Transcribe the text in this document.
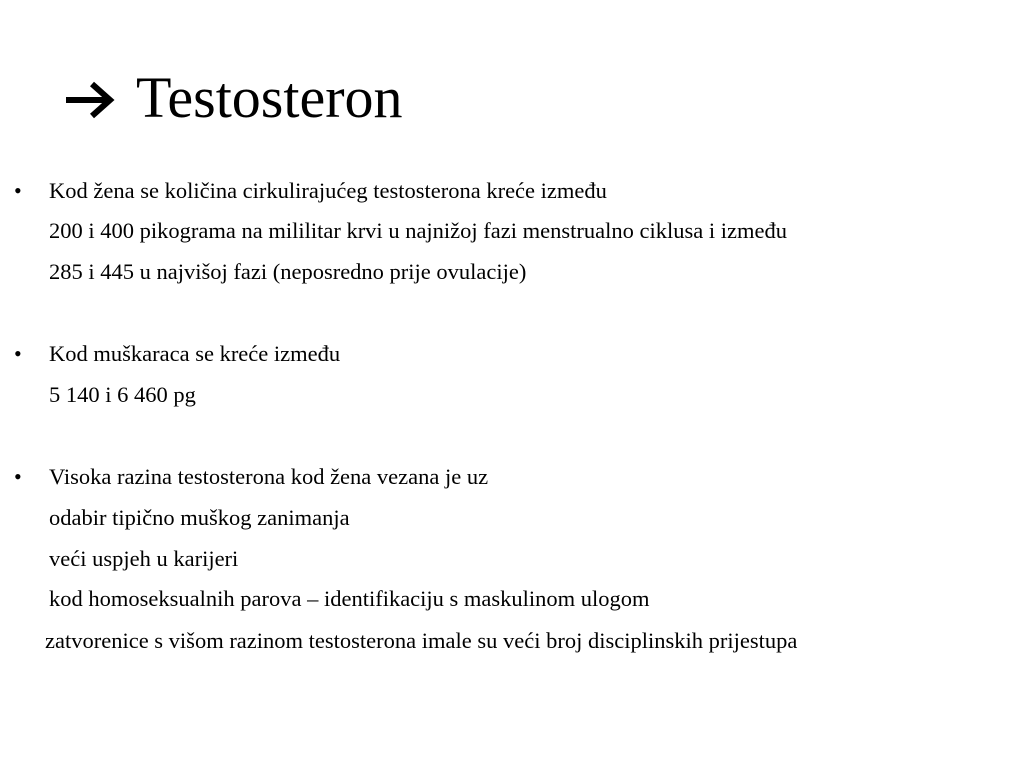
Testosteron
• Kod žena se količina cirkulirajućeg testosterona kreće između
200 i 400 pikograma na mililitar krvi u najnižoj fazi menstrualno ciklusa i između
285 i 445 u najvišoj fazi (neposredno prije ovulacije)
• Kod muškaraca se kreće između
5 140 i 6 460 pg
• Visoka razina testosterona kod žena vezana je uz
odabir tipično muškog zanimanja
veći uspjeh u karijeri
kod homoseksualnih parova – identifikaciju s maskulinom ulogom
zatvorenice s višom razinom testosterona imale su veći broj disciplinskih prijestupa
